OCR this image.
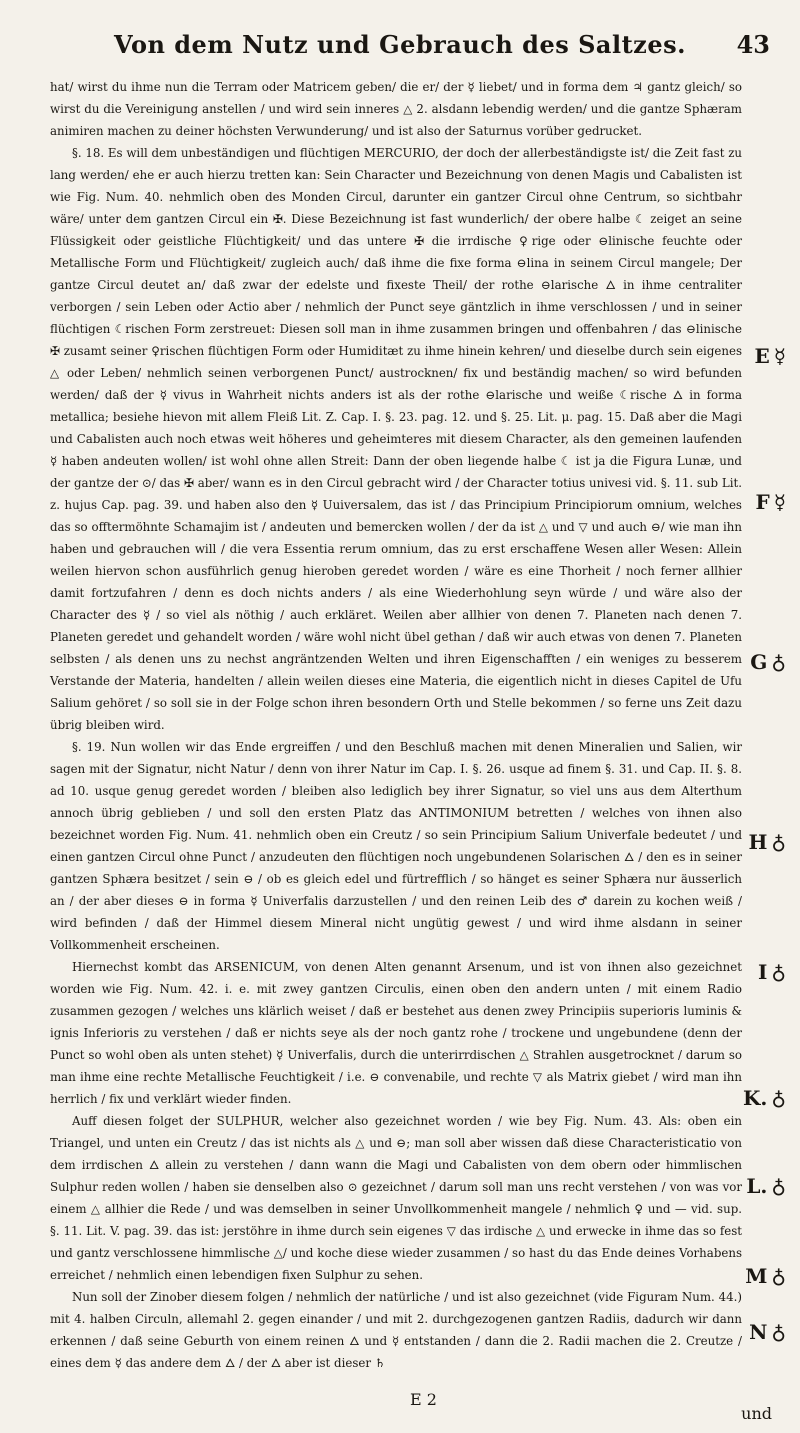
Von dem Nutz und Gebrauch des Saltzes.	43

hat/ wirst du ihme nun die Terram oder Matricem geben/ die er/ der ☿ liebet/ und in forma dem ♃ gantz gleich/ so wirst du die Vereinigung anstellen / und wird sein inneres △ 2. alsdann lebendig werden/ und die gantze Sphæram animiren machen zu deiner höchsten Verwunderung/ und ist also der Saturnus vorüber gedrucket.

§. 18. Es will dem unbeständigen und flüchtigen MERCURIO, der doch der allerbeständigste ist/ die Zeit fast zu lang werden/ ehe er auch hierzu tretten kan: Sein Character und Bezeichnung von denen Magis und Cabalisten ist wie Fig. Num. 40. nehmlich oben des Monden Circul, darunter ein gantzer Circul ohne Centrum, so sichtbahr wäre/ unter dem gantzen Circul ein ✠. Diese Bezeichnung ist fast wunderlich/ der obere halbe ☾ zeiget an seine Flüssigkeit oder geistliche Flüchtigkeit/ und das untere ✠ die irrdische ♀rige oder ⊖linische feuchte oder Metallische Form und Flüchtigkeit/ zugleich auch/ daß ihme die fixe forma ⊖lina in seinem Circul mangele; Der gantze Circul deutet an/ daß zwar der edelste und fixeste Theil/ der rothe ⊖larische 🜂 in ihme centraliter verborgen / sein Leben oder Actio aber / nehmlich der Punct seye gäntzlich in ihme verschlossen / und in seiner flüchtigen ☾rischen Form zerstreuet: Diesen soll man in ihme zusammen bringen und offenbahren / das ⊖linische ✠ zusamt seiner ♀rischen flüchtigen Form oder Humiditæt zu ihme hinein kehren/ und dieselbe durch sein eigenes △ oder Leben/ nehmlich seinen verborgenen Punct/ austrocknen/ fix und beständig machen/ so wird befunden werden/ daß der ☿ vivus in Wahrheit nichts anders ist als der rothe ⊖larische und weiße ☾rische 🜂 in forma metallica; besiehe hievon mit allem Fleiß Lit. Z. Cap. I. §. 23. pag. 12. und §. 25. Lit. μ. pag. 15. Daß aber die Magi und Cabalisten auch noch etwas weit höheres und geheimteres mit diesem Character, als den gemeinen laufenden ☿ haben andeuten wollen/ ist wohl ohne allen Streit: Dann der oben liegende halbe ☾ ist ja die Figura Lunæ, und der gantze der ⊙/ das ✠ aber/ wann es in den Circul gebracht wird / der Character totius univesi vid. §. 11. sub Lit. z. hujus Cap. pag. 39. und haben also den ☿ Uuiversalem, das ist / das Principium Principiorum omnium, welches das so offtermöhnte Schamajim ist / andeuten und bemercken wollen / der da ist △ und ▽ und auch ⊖/ wie man ihn haben und gebrauchen will / die vera Essentia rerum omnium, das zu erst erschaffene Wesen aller Wesen: Allein weilen hiervon schon ausführlich genug hieroben geredet worden / wäre es eine Thorheit / noch ferner allhier damit fortzufahren / denn es doch nichts anders / als eine Wiederhohlung seyn würde / und wäre also der Character des ☿ / so viel als nöthig / auch erkläret. Weilen aber allhier von denen 7. Planeten nach denen 7. Planeten geredet und gehandelt worden / wäre wohl nicht übel gethan / daß wir auch etwas von denen 7. Planeten selbsten / als denen uns zu nechst angräntzenden Welten und ihren Eigenschafften / ein weniges zu besserem Verstande der Materia, handelten / allein weilen dieses eine Materia, die eigentlich nicht in dieses Capitel de Ufu Salium gehöret / so soll sie in der Folge schon ihren besondern Orth und Stelle bekommen / so ferne uns Zeit dazu übrig bleiben wird.

§. 19. Nun wollen wir das Ende ergreiffen / und den Beschluß machen mit denen Mineralien und Salien, wir sagen mit der Signatur, nicht Natur / denn von ihrer Natur im Cap. I. §. 26. usque ad finem §. 31. und Cap. II. §. 8. ad 10. usque genug geredet worden / bleiben also lediglich bey ihrer Signatur, so viel uns aus dem Alterthum annoch übrig geblieben / und soll den ersten Platz das ANTIMONIUM betretten / welches von ihnen also bezeichnet worden Fig. Num. 41. nehmlich oben ein Creutz / so sein Principium Salium Univerfale bedeutet / und einen gantzen Circul ohne Punct / anzudeuten den flüchtigen noch ungebundenen Solarischen 🜂 / den es in seiner gantzen Sphæra besitzet / sein ⊖ / ob es gleich edel und fürtrefflich / so hänget es seiner Sphæra nur äusserlich an / der aber dieses ⊖ in forma ☿ Univerfalis darzustellen / und den reinen Leib des ♂ darein zu kochen weiß / wird befinden / daß der Himmel diesem Mineral nicht ungütig gewest / und wird ihme alsdann in seiner Vollkommenheit erscheinen.

Hiernechst kombt das ARSENICUM, von denen Alten genannt Arsenum, und ist von ihnen also gezeichnet worden wie Fig. Num. 42. i. e. mit zwey gantzen Circulis, einen oben den andern unten / mit einem Radio zusammen gezogen / welches uns klärlich weiset / daß er bestehet aus denen zwey Principiis superioris luminis & ignis Inferioris zu verstehen / daß er nichts seye als der noch gantz rohe / trockene und ungebundene (denn der Punct so wohl oben als unten stehet) ☿ Univerfalis, durch die unterirrdischen △ Strahlen ausgetrocknet / darum so man ihme eine rechte Metallische Feuchtigkeit / i.e. ⊖ convenabile, und rechte ▽ als Matrix giebet / wird man ihn herrlich / fix und verklärt wieder finden.

Auff diesen folget der SULPHUR, welcher also gezeichnet worden / wie bey Fig. Num. 43. Als: oben ein Triangel, und unten ein Creutz / das ist nichts als △ und ⊖; man soll aber wissen daß diese Characteristicatio von dem irrdischen 🜂 allein zu verstehen / dann wann die Magi und Cabalisten von dem obern oder himmlischen Sulphur reden wollen / haben sie denselben also ⊙ gezeichnet / darum soll man uns recht verstehen / von was vor einem △ allhier die Rede / und was demselben in seiner Unvollkommenheit mangele / nehmlich ♀ und — vid. sup. §. 11. Lit. V. pag. 39. das ist: jerstöhre in ihme durch sein eigenes ▽ das irdische △ und erwecke in ihme das so fest und gantz verschlossene himmlische △/ und koche diese wieder zusammen / so hast du das Ende deines Vorhabens erreichet / nehmlich einen lebendigen fixen Sulphur zu sehen.

Nun soll der Zinober diesem folgen / nehmlich der natürliche / und ist also gezeichnet (vide Figuram Num. 44.) mit 4. halben Circuln, allemahl 2. gegen einander / und mit 2. durchgezogenen gantzen Radiis, dadurch wir dann erkennen / daß seine Geburth von einem reinen 🜂 und ☿ entstanden / dann die 2. Radii machen die 2. Creutze / eines dem ☿ das andere dem 🜂 / der 🜂 aber ist dieser ♄

E ☿
F ☿
G ♁
H ♁
I ♁
K. ♁
L. ♁
M ♁
N ♁
E 2
und
